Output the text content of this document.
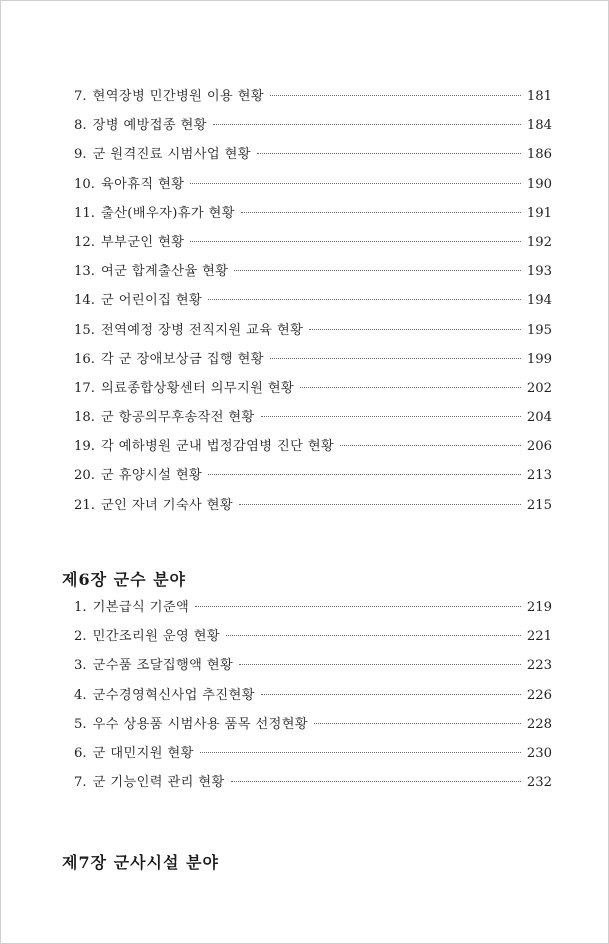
7. 현역장병 민간병원 이용 현황	181
8. 장병 예방접종 현황	184
9. 군 원격진료 시범사업 현황	186
10. 육아휴직 현황	190
11. 출산(배우자)휴가 현황	191
12. 부부군인 현황	192
13. 여군 합계출산율 현황	193
14. 군 어린이집 현황	194
15. 전역예정 장병 전직지원 교육 현황	195
16. 각 군 장애보상금 집행 현황	199
17. 의료종합상황센터 의무지원 현황	202
18. 군 항공의무후송작전 현황	204
19. 각 예하병원 군내 법정감염병 진단 현황	206
20. 군 휴양시설 현황	213
21. 군인 자녀 기숙사 현황	215
제6장 군수 분야
1. 기본급식 기준액	219
2. 민간조리원 운영 현황	221
3. 군수품 조달집행액 현황	223
4. 군수경영혁신사업 추진현황	226
5. 우수 상용품 시범사용 품목 선정현황	228
6. 군 대민지원 현황	230
7. 군 기능인력 관리 현황	232
제7장 군사시설 분야
